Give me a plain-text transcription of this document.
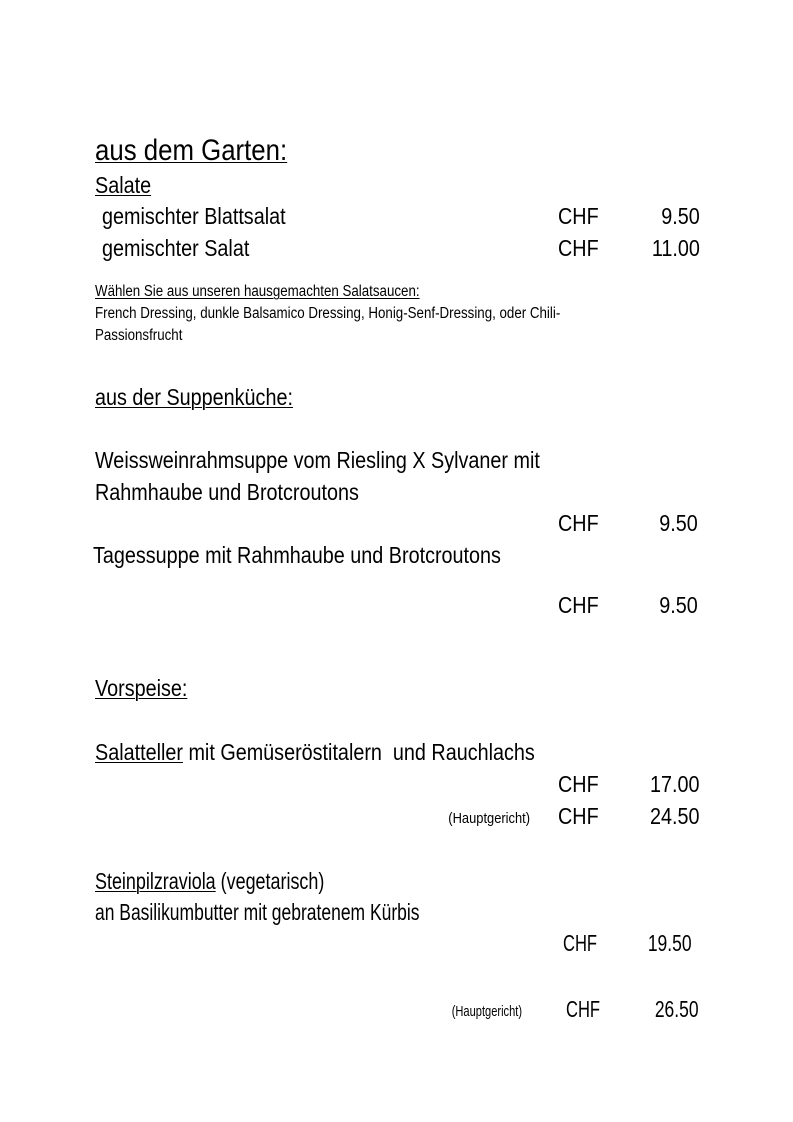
aus dem Garten:
Salate
gemischter Blattsalat	CHF	9.50
gemischter Salat	CHF 11.00
Wählen Sie aus unseren hausgemachten Salatsaucen:
French Dressing, dunkle Balsamico Dressing, Honig-Senf-Dressing, oder Chili-
Passionsfrucht
aus der Suppenküche:
Weissweinrahmsuppe vom Riesling X Sylvaner mit
Rahmhaube und Brotcroutons
CHF	9.50
Tagessuppe mit Rahmhaube und Brotcroutons
CHF	9.50
Vorspeise:
Salatteller mit Gemüseröstitalern  und Rauchlachs
CHF 17.00
(Hauptgericht) CHF 24.50
Steinpilzraviola (vegetarisch)
an Basilikumbutter mit gebratenem Kürbis
CHF 19.50
(Hauptgericht) CHF 26.50
